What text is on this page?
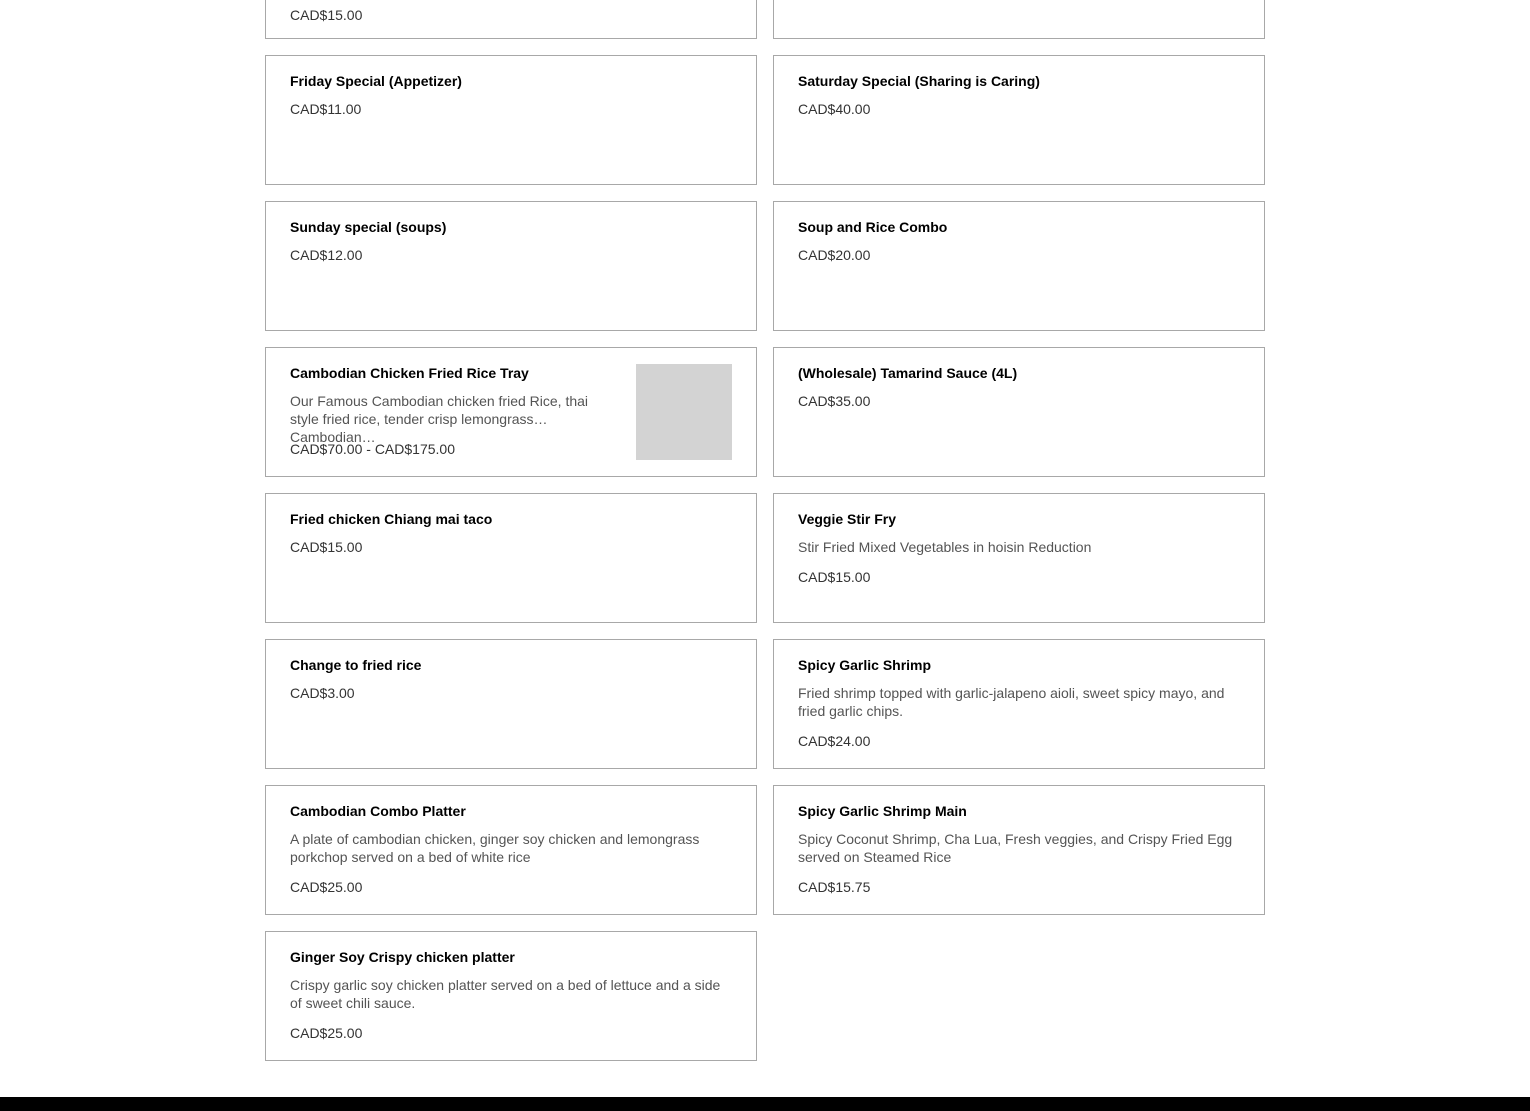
CAD$15.00
Friday Special (Appetizer)
CAD$11.00
Saturday Special (Sharing is Caring)
CAD$40.00
Sunday special (soups)
CAD$12.00
Soup and Rice Combo
CAD$20.00
Cambodian Chicken Fried Rice Tray
Our Famous Cambodian chicken fried Rice, thai style fried rice, tender crisp lemongrass Cambodian…
CAD$70.00 - CAD$175.00
(Wholesale) Tamarind Sauce (4L)
CAD$35.00
Fried chicken Chiang mai taco
CAD$15.00
Veggie Stir Fry
Stir Fried Mixed Vegetables in hoisin Reduction
CAD$15.00
Change to fried rice
CAD$3.00
Spicy Garlic Shrimp
Fried shrimp topped with garlic-jalapeno aioli, sweet spicy mayo, and fried garlic chips.
CAD$24.00
Cambodian Combo Platter
A plate of cambodian chicken, ginger soy chicken and lemongrass porkchop served on a bed of white rice
CAD$25.00
Spicy Garlic Shrimp Main
Spicy Coconut Shrimp, Cha Lua, Fresh veggies, and Crispy Fried Egg served on Steamed Rice
CAD$15.75
Ginger Soy Crispy chicken platter
Crispy garlic soy chicken platter served on a bed of lettuce and a side of sweet chili sauce.
CAD$25.00
